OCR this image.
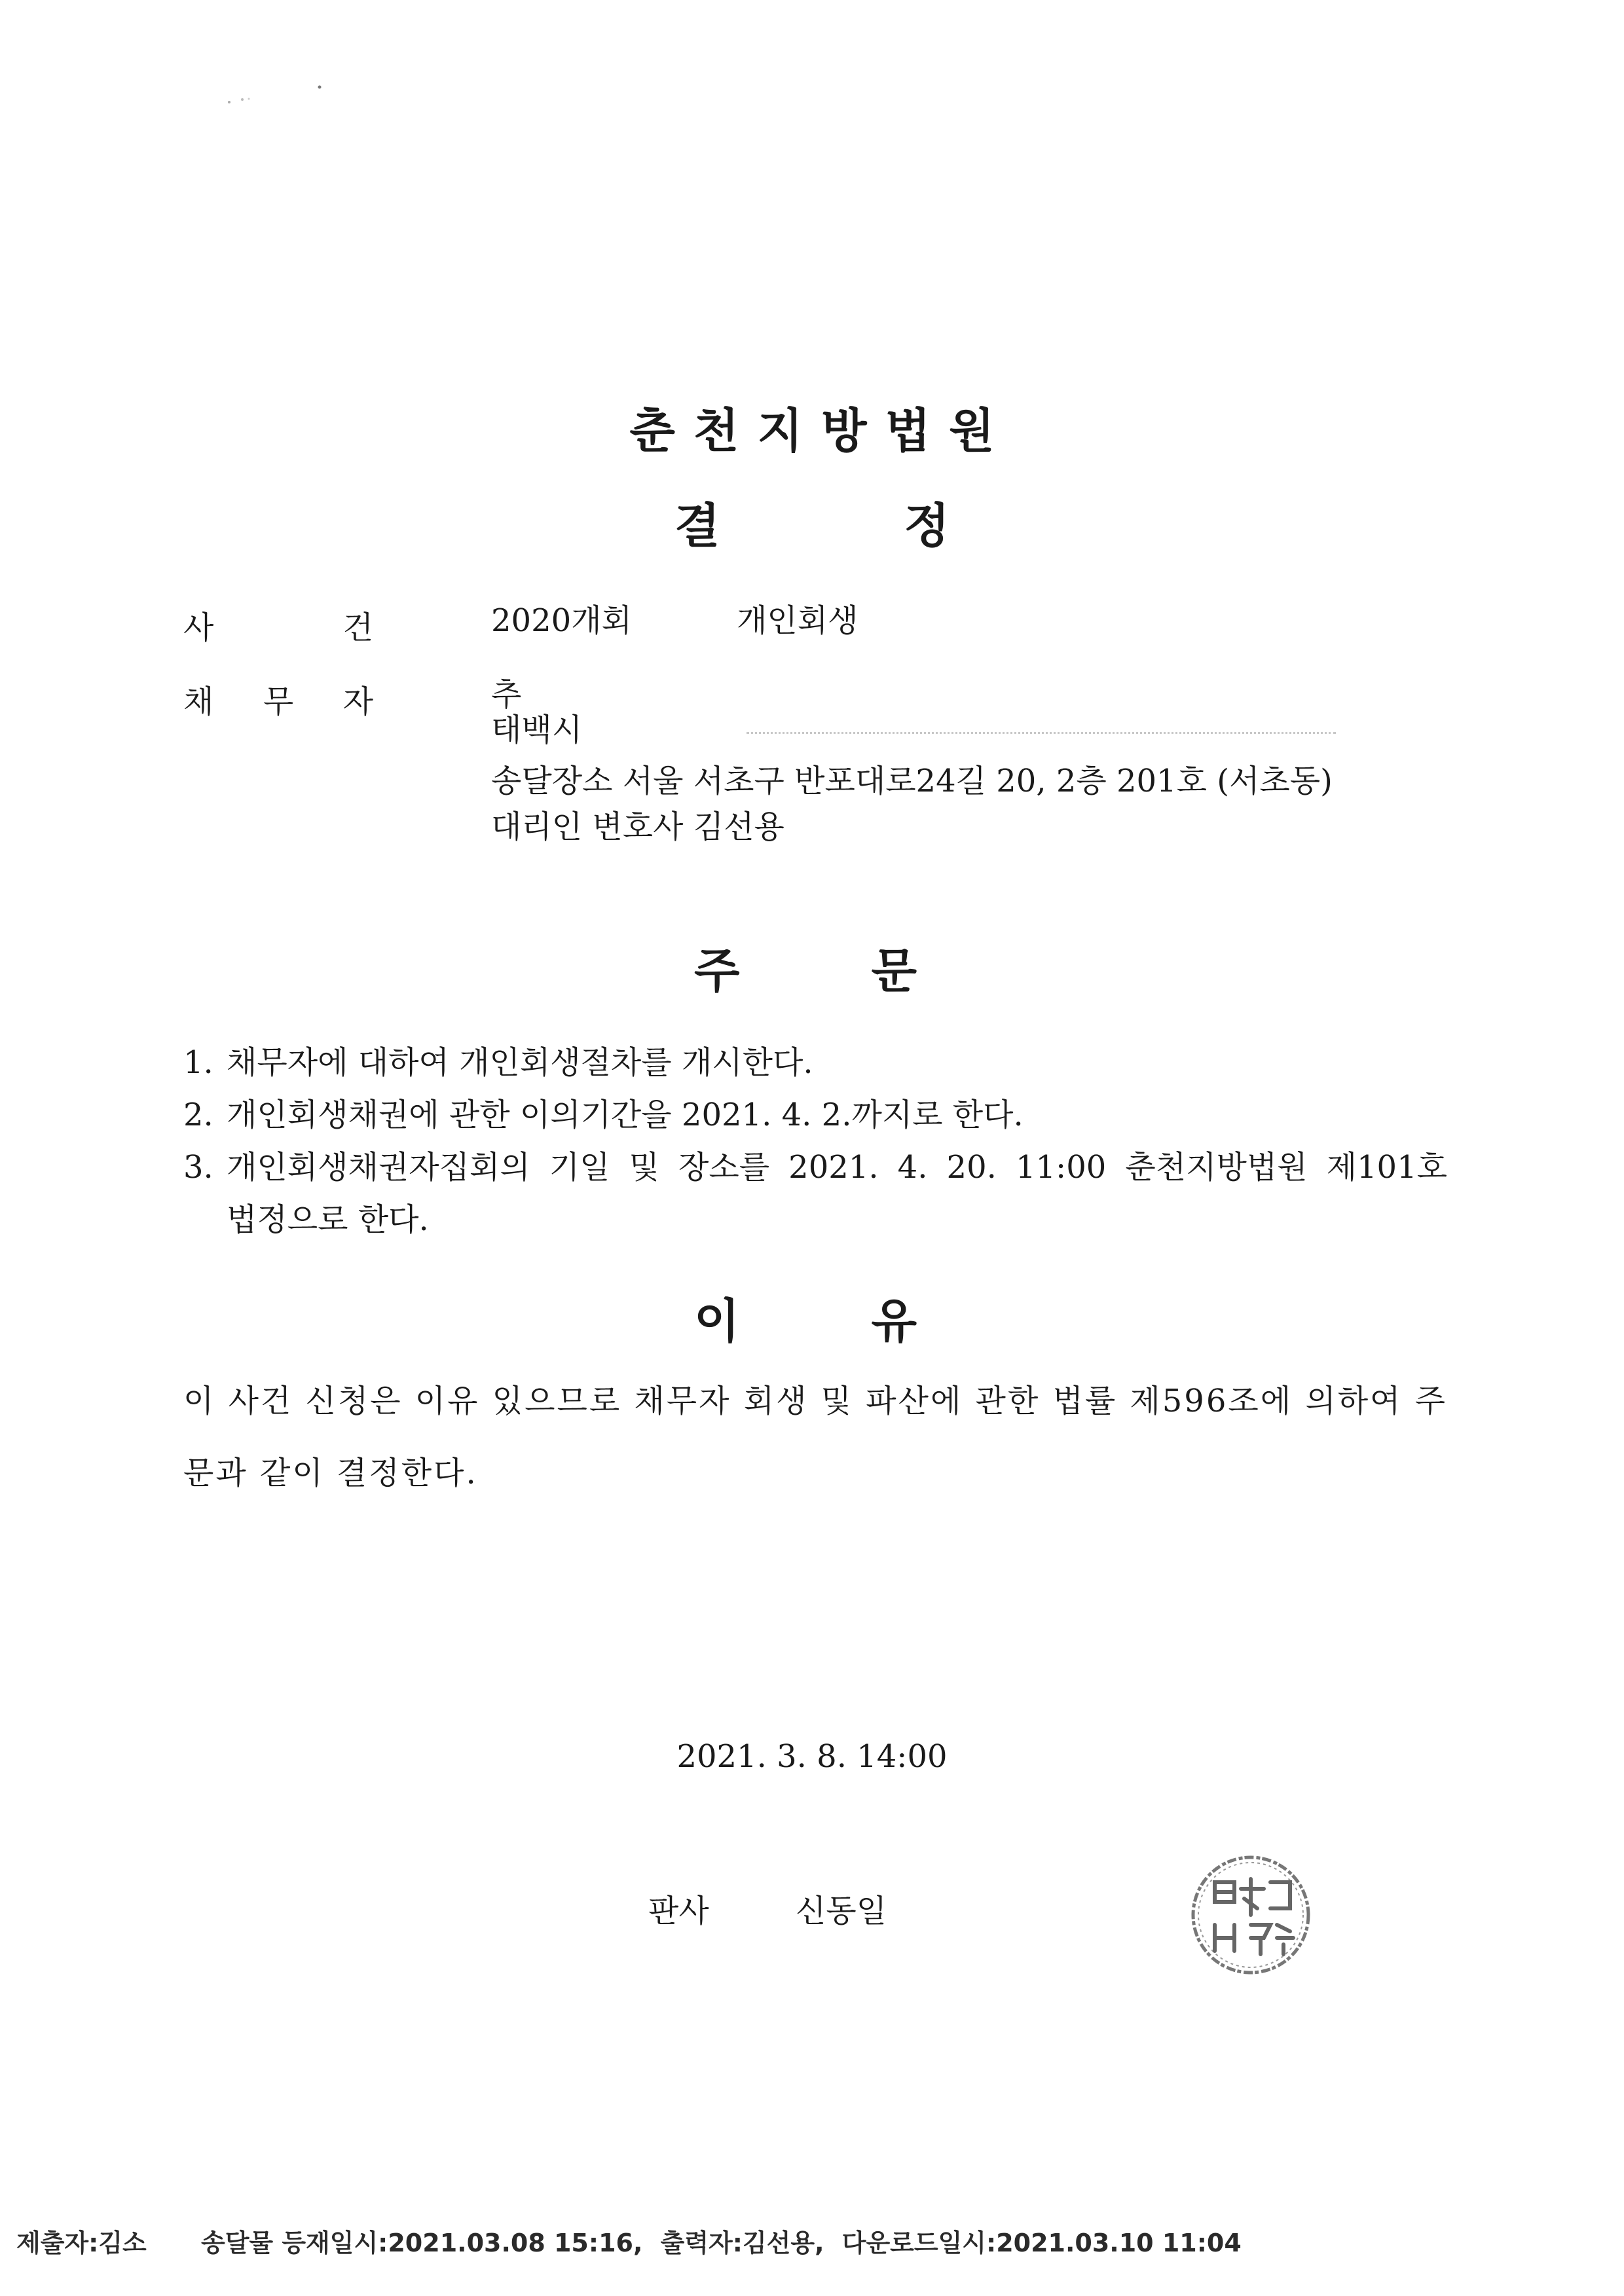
춘천지방법원
결	정
사	건	2020개회	개인회생
채 무 자	추
태백시
송달장소 서울 서초구 반포대로24길 20, 2층 201호 (서초동)
대리인 변호사 김선용
주	문
1. 채무자에 대하여 개인회생절차를 개시한다.
2. 개인회생채권에 관한 이의기간을 2021. 4. 2.까지로 한다.
3. 개인회생채권자집회의 기일 및 장소를 2021. 4. 20. 11:00 춘천지방법원 제101호
법정으로 한다.
이	유
이 사건 신청은 이유 있으므로 채무자 회생 및 파산에 관한 법률 제596조에 의하여 주문과 같이 결정한다.
2021. 3. 8. 14:00
판사	신동일
제출자:김소 송달물 등재일시:2021.03.08 15:16, 출력자:김선용, 다운로드일시:2021.03.10 11:04
